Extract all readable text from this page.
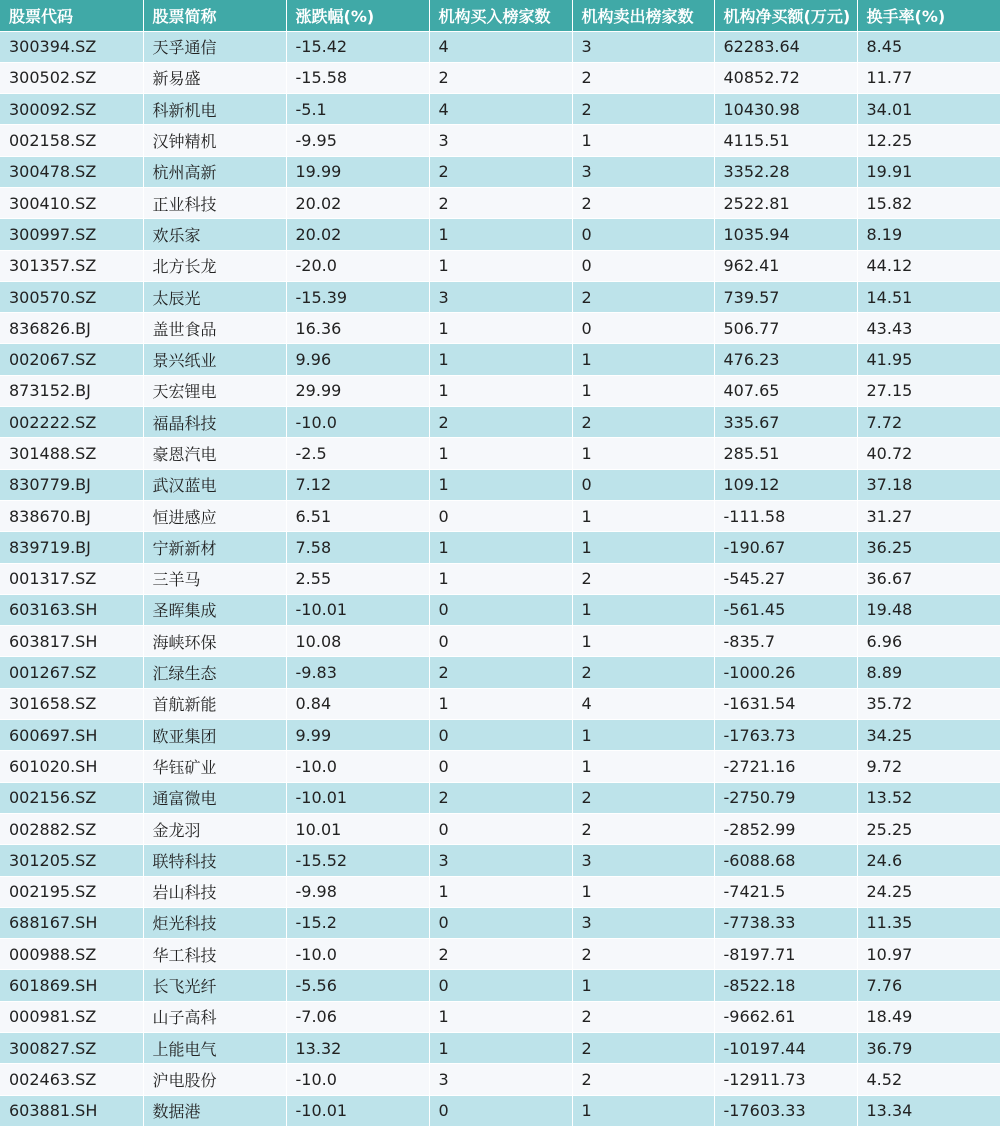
股票代码	股票简称	涨跌幅(%)	机构买入榜家数	机构卖出榜家数	机构净买额(万元)	换手率(%)
300394.SZ	天孚通信	-15.42	4	3	62283.64	8.45
300502.SZ	新易盛	-15.58	2	2	40852.72	11.77
300092.SZ	科新机电	-5.1	4	2	10430.98	34.01
002158.SZ	汉钟精机	-9.95	3	1	4115.51	12.25
300478.SZ	杭州高新	19.99	2	3	3352.28	19.91
300410.SZ	正业科技	20.02	2	2	2522.81	15.82
300997.SZ	欢乐家	20.02	1	0	1035.94	8.19
301357.SZ	北方长龙	-20.0	1	0	962.41	44.12
300570.SZ	太辰光	-15.39	3	2	739.57	14.51
836826.BJ	盖世食品	16.36	1	0	506.77	43.43
002067.SZ	景兴纸业	9.96	1	1	476.23	41.95
873152.BJ	天宏锂电	29.99	1	1	407.65	27.15
002222.SZ	福晶科技	-10.0	2	2	335.67	7.72
301488.SZ	豪恩汽电	-2.5	1	1	285.51	40.72
830779.BJ	武汉蓝电	7.12	1	0	109.12	37.18
838670.BJ	恒进感应	6.51	0	1	-111.58	31.27
839719.BJ	宁新新材	7.58	1	1	-190.67	36.25
001317.SZ	三羊马	2.55	1	2	-545.27	36.67
603163.SH	圣晖集成	-10.01	0	1	-561.45	19.48
603817.SH	海峡环保	10.08	0	1	-835.7	6.96
001267.SZ	汇绿生态	-9.83	2	2	-1000.26	8.89
301658.SZ	首航新能	0.84	1	4	-1631.54	35.72
600697.SH	欧亚集团	9.99	0	1	-1763.73	34.25
601020.SH	华钰矿业	-10.0	0	1	-2721.16	9.72
002156.SZ	通富微电	-10.01	2	2	-2750.79	13.52
002882.SZ	金龙羽	10.01	0	2	-2852.99	25.25
301205.SZ	联特科技	-15.52	3	3	-6088.68	24.6
002195.SZ	岩山科技	-9.98	1	1	-7421.5	24.25
688167.SH	炬光科技	-15.2	0	3	-7738.33	11.35
000988.SZ	华工科技	-10.0	2	2	-8197.71	10.97
601869.SH	长飞光纤	-5.56	0	1	-8522.18	7.76
000981.SZ	山子高科	-7.06	1	2	-9662.61	18.49
300827.SZ	上能电气	13.32	1	2	-10197.44	36.79
002463.SZ	沪电股份	-10.0	3	2	-12911.73	4.52
603881.SH	数据港	-10.01	0	1	-17603.33	13.34
